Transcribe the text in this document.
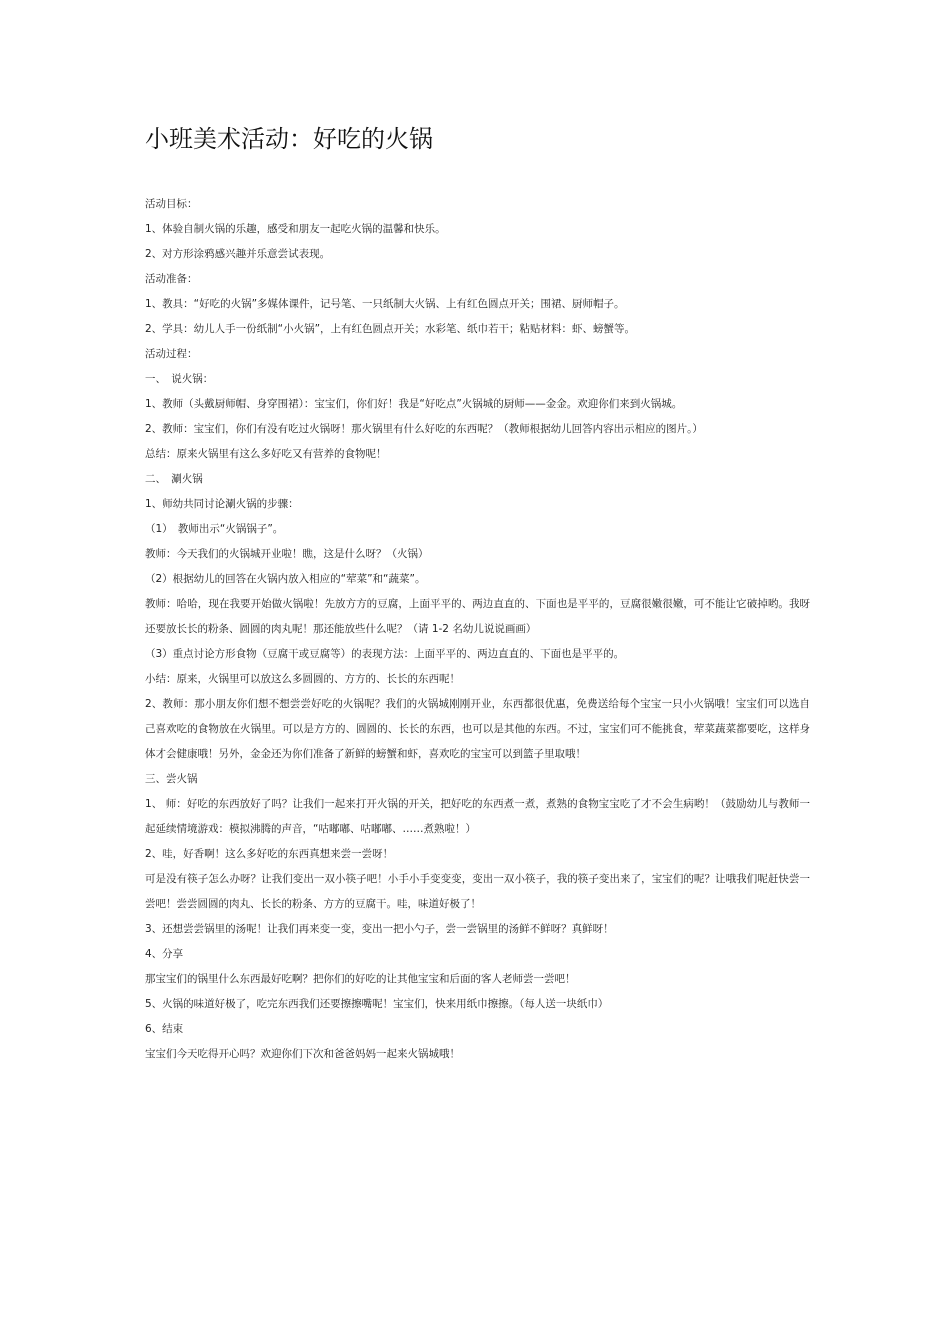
小班美术活动：好吃的火锅

活动目标：

1、体验自制火锅的乐趣，感受和朋友一起吃火锅的温馨和快乐。

2、对方形涂鸦感兴趣并乐意尝试表现。

活动准备：

1、教具：“好吃的火锅”多媒体课件，记号笔、一只纸制大火锅、上有红色圆点开关；围裙、厨师帽子。

2、学具：幼儿人手一份纸制“小火锅”，上有红色圆点开关；水彩笔、纸巾若干；粘贴材料：虾、螃蟹等。

活动过程：

一、　说火锅：

1、教师（头戴厨师帽、身穿围裙）：宝宝们，你们好！我是“好吃点”火锅城的厨师——金金。欢迎你们来到火锅城。

2、教师：宝宝们，你们有没有吃过火锅呀！那火锅里有什么好吃的东西呢？（教师根据幼儿回答内容出示相应的图片。）

总结：原来火锅里有这么多好吃又有营养的食物呢！

二、　涮火锅

1、师幼共同讨论涮火锅的步骤：

（1）　教师出示“火锅锅子”。

教师：今天我们的火锅城开业啦！瞧，这是什么呀？（火锅）

（2）根据幼儿的回答在火锅内放入相应的“荤菜”和“蔬菜”。

教师：哈哈，现在我要开始做火锅啦！先放方方的豆腐，上面平平的、两边直直的、下面也是平平的，豆腐很嫩很嫩，可不能让它破掉哟。我呀还要放长长的粉条、圆圆的肉丸呢！那还能放些什么呢？（请 1-2 名幼儿说说画画）

（3）重点讨论方形食物（豆腐干或豆腐等）的表现方法：上面平平的、两边直直的、下面也是平平的。

小结：原来，火锅里可以放这么多圆圆的、方方的、长长的东西呢！

2、教师：那小朋友你们想不想尝尝好吃的火锅呢？我们的火锅城刚刚开业，东西都很优惠，免费送给每个宝宝一只小火锅哦！宝宝们可以选自己喜欢吃的食物放在火锅里。可以是方方的、圆圆的、长长的东西，也可以是其他的东西。不过，宝宝们可不能挑食，荤菜蔬菜都要吃，这样身体才会健康哦！另外，金金还为你们准备了新鲜的螃蟹和虾，喜欢吃的宝宝可以到篮子里取哦！

三、尝火锅

1、 师：好吃的东西放好了吗？让我们一起来打开火锅的开关，把好吃的东西煮一煮，煮熟的食物宝宝吃了才不会生病哟！（鼓励幼儿与教师一起延续情境游戏：模拟沸腾的声音，“咕嘟嘟、咕嘟嘟、……煮熟啦！）

2、哇，好香啊！这么多好吃的东西真想来尝一尝呀！

可是没有筷子怎么办呀？让我们变出一双小筷子吧！小手小手变变变，变出一双小筷子，我的筷子变出来了，宝宝们的呢？让哦我们呢赶快尝一尝吧！尝尝圆圆的肉丸、长长的粉条、方方的豆腐干。哇，味道好极了！

3、还想尝尝锅里的汤呢！让我们再来变一变，变出一把小勺子，尝一尝锅里的汤鲜不鲜呀？真鲜呀！

4、分享

那宝宝们的锅里什么东西最好吃啊？把你们的好吃的让其他宝宝和后面的客人老师尝一尝吧！

5、火锅的味道好极了，吃完东西我们还要擦擦嘴呢！宝宝们，快来用纸巾擦擦。（每人送一块纸巾）

6、结束

宝宝们今天吃得开心吗？欢迎你们下次和爸爸妈妈一起来火锅城哦！
